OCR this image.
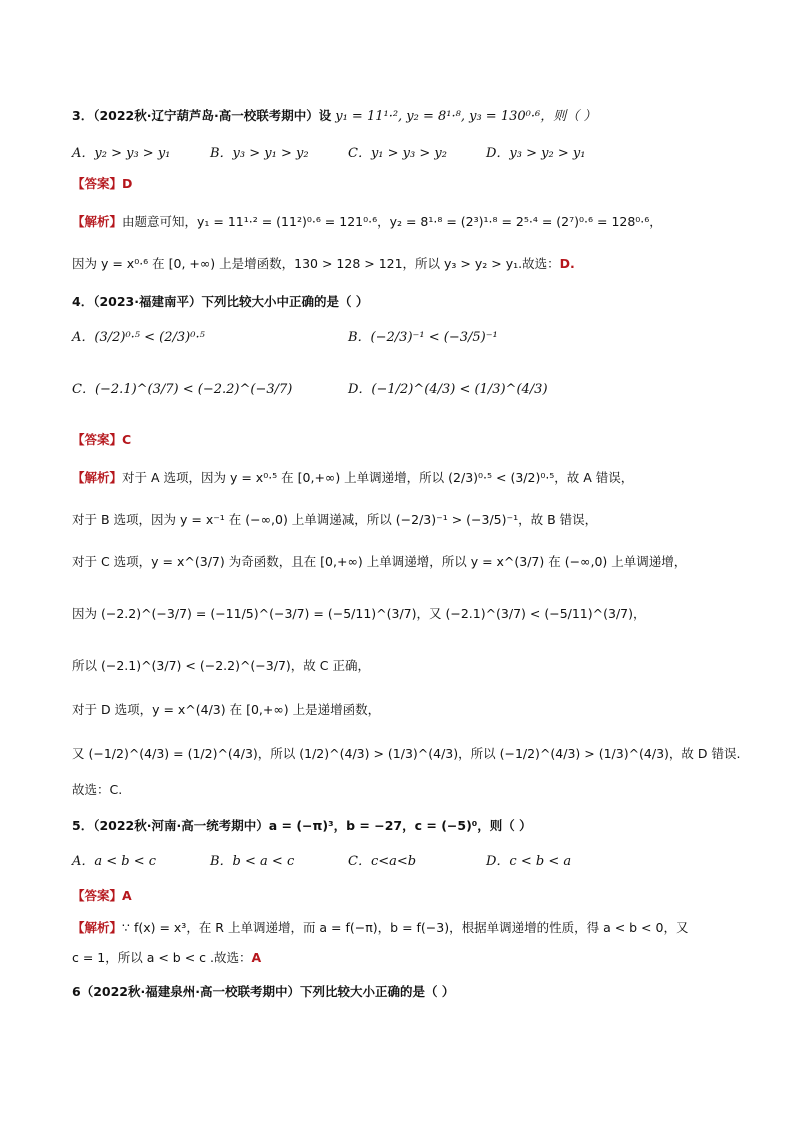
3．（2022秋·辽宁葫芦岛·高一校联考期中）设 y₁ = 11¹·², y₂ = 8¹·⁸, y₃ = 130⁰·⁶，则（ ）
A．y₂ > y₃ > y₁	B．y₃ > y₁ > y₂	C．y₁ > y₃ > y₂	D．y₃ > y₂ > y₁
【答案】D
【解析】由题意可知，y₁ = 11¹·² = (11²)⁰·⁶ = 121⁰·⁶，y₂ = 8¹·⁸ = (2³)¹·⁸ = 2⁵·⁴ = (2⁷)⁰·⁶ = 128⁰·⁶，
因为 y = x⁰·⁶ 在 [0, +∞) 上是增函数，130 > 128 > 121，所以 y₃ > y₂ > y₁.故选：D.
4．（2023·福建南平）下列比较大小中正确的是（ ）
A．(3/2)⁰·⁵ < (2/3)⁰·⁵	B．(−2/3)⁻¹ < (−3/5)⁻¹
C．(−2.1)^(3/7) < (−2.2)^(−3/7)	D．(−1/2)^(4/3) < (1/3)^(4/3)
【答案】C
【解析】对于 A 选项，因为 y = x⁰·⁵ 在 [0,+∞) 上单调递增，所以 (2/3)⁰·⁵ < (3/2)⁰·⁵，故 A 错误，
对于 B 选项，因为 y = x⁻¹ 在 (−∞,0) 上单调递减，所以 (−2/3)⁻¹ > (−3/5)⁻¹，故 B 错误，
对于 C 选项，y = x^(3/7) 为奇函数，且在 [0,+∞) 上单调递增，所以 y = x^(3/7) 在 (−∞,0) 上单调递增，
因为 (−2.2)^(−3/7) = (−11/5)^(−3/7) = (−5/11)^(3/7)，又 (−2.1)^(3/7) < (−5/11)^(3/7)，
所以 (−2.1)^(3/7) < (−2.2)^(−3/7)，故 C 正确，
对于 D 选项，y = x^(4/3) 在 [0,+∞) 上是递增函数，
又 (−1/2)^(4/3) = (1/2)^(4/3)，所以 (1/2)^(4/3) > (1/3)^(4/3)，所以 (−1/2)^(4/3) > (1/3)^(4/3)，故 D 错误.
故选：C.
5．（2022秋·河南·高一统考期中）a = (−π)³，b = −27，c = (−5)⁰，则（ ）
A．a < b < c	B．b < a < c	C．c<a<b	D．c < b < a
【答案】A
【解析】∵ f(x) = x³，在 R 上单调递增，而 a = f(−π)，b = f(−3)，根据单调递增的性质，得 a < b < 0，又
c = 1，所以 a < b < c .故选：A
6（2022秋·福建泉州·高一校联考期中）下列比较大小正确的是（ ）
